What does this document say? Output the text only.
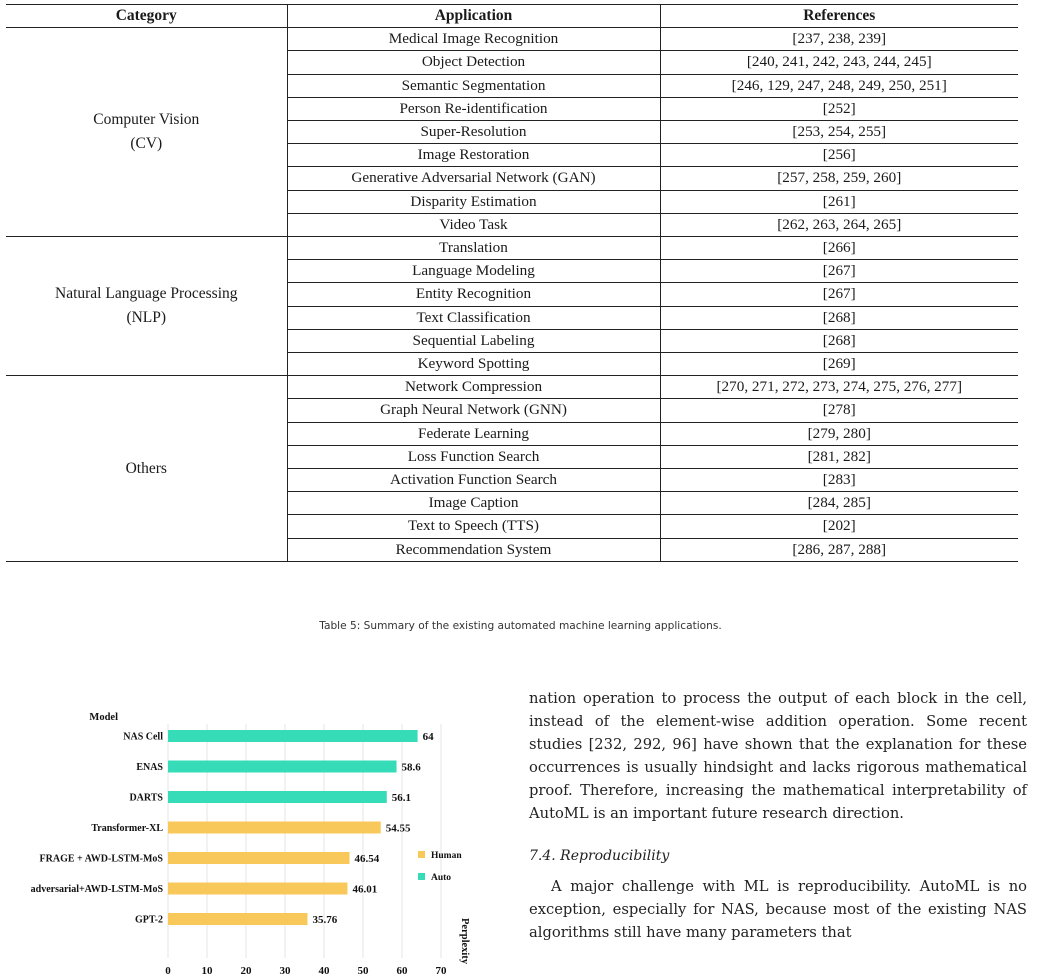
Category	Application	References

Computer Vision
(CV)	Medical Image Recognition	[237, 238, 239]
	Object Detection	[240, 241, 242, 243, 244, 245]
	Semantic Segmentation	[246, 129, 247, 248, 249, 250, 251]
	Person Re-identification	[252]
	Super-Resolution	[253, 254, 255]
	Image Restoration	[256]
	Generative Adversarial Network (GAN)	[257, 258, 259, 260]
	Disparity Estimation	[261]
	Video Task	[262, 263, 264, 265]

Natural Language Processing
(NLP)	Translation	[266]
	Language Modeling	[267]
	Entity Recognition	[267]
	Text Classification	[268]
	Sequential Labeling	[268]
	Keyword Spotting	[269]

Others	Network Compression	[270, 271, 272, 273, 274, 275, 276, 277]
	Graph Neural Network (GNN)	[278]
	Federate Learning	[279, 280]
	Loss Function Search	[281, 282]
	Activation Function Search	[283]
	Image Caption	[284, 285]
	Text to Speech (TTS)	[202]
	Recommendation System	[286, 287, 288]
Table 5: Summary of the existing automated machine learning applications.
Model
NAS Cell	64
ENAS	58.6
DARTS	56.1
Transformer-XL	54.55
FRAGE + AWD-LSTM-MoS	46.54
adversarial+AWD-LSTM-MoS	46.01
GPT-2	35.76
0	10	20	30	40	50	60	70
Human
Auto
Perplexity

nation operation to process the output of each block in the cell, instead of the element-wise addition operation. Some recent studies [232, 292, 96] have shown that the explanation for these occurrences is usually hindsight and lacks rigorous mathematical proof. Therefore, increasing the mathematical interpretability of AutoML is an important future research direction.

7.4. Reproducibility

A major challenge with ML is reproducibility. AutoML is no exception, especially for NAS, because most of the existing NAS algorithms still have many parameters that
